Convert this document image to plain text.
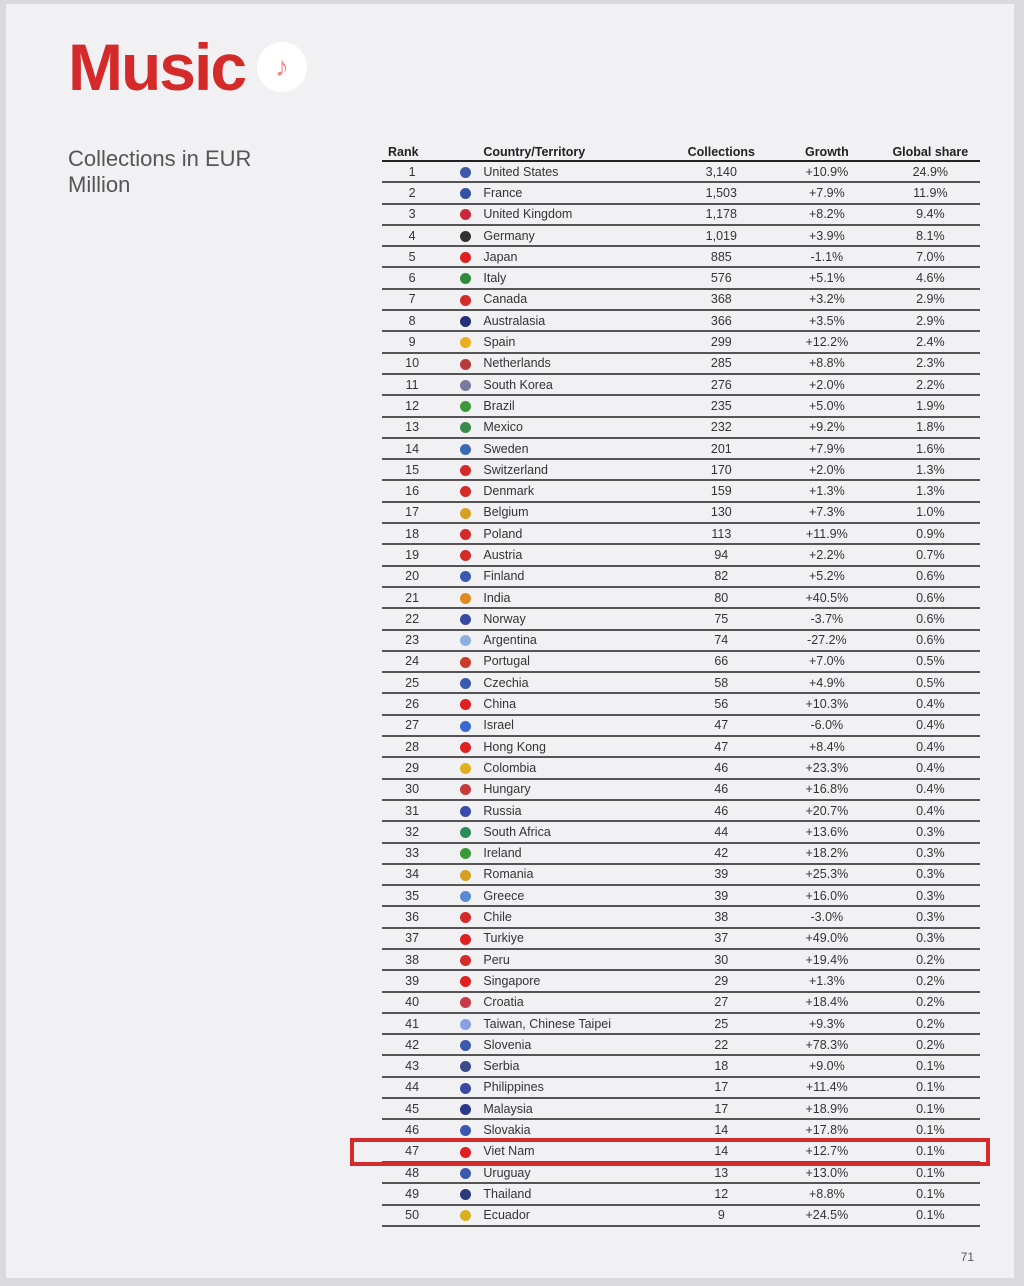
Music	♪
Collections in EUR Million
Rank		Country/Territory	Collections	Growth	Global share
1		United States	3,140	+10.9%	24.9%
2		France	1,503	+7.9%	11.9%
3		United Kingdom	1,178	+8.2%	9.4%
4		Germany	1,019	+3.9%	8.1%
5		Japan	885	-1.1%	7.0%
6		Italy	576	+5.1%	4.6%
7		Canada	368	+3.2%	2.9%
8		Australasia	366	+3.5%	2.9%
9		Spain	299	+12.2%	2.4%
10		Netherlands	285	+8.8%	2.3%
11		South Korea	276	+2.0%	2.2%
12		Brazil	235	+5.0%	1.9%
13		Mexico	232	+9.2%	1.8%
14		Sweden	201	+7.9%	1.6%
15		Switzerland	170	+2.0%	1.3%
16		Denmark	159	+1.3%	1.3%
17		Belgium	130	+7.3%	1.0%
18		Poland	113	+11.9%	0.9%
19		Austria	94	+2.2%	0.7%
20		Finland	82	+5.2%	0.6%
21		India	80	+40.5%	0.6%
22		Norway	75	-3.7%	0.6%
23		Argentina	74	-27.2%	0.6%
24		Portugal	66	+7.0%	0.5%
25		Czechia	58	+4.9%	0.5%
26		China	56	+10.3%	0.4%
27		Israel	47	-6.0%	0.4%
28		Hong Kong	47	+8.4%	0.4%
29		Colombia	46	+23.3%	0.4%
30		Hungary	46	+16.8%	0.4%
31		Russia	46	+20.7%	0.4%
32		South Africa	44	+13.6%	0.3%
33		Ireland	42	+18.2%	0.3%
34		Romania	39	+25.3%	0.3%
35		Greece	39	+16.0%	0.3%
36		Chile	38	-3.0%	0.3%
37		Turkiye	37	+49.0%	0.3%
38		Peru	30	+19.4%	0.2%
39		Singapore	29	+1.3%	0.2%
40		Croatia	27	+18.4%	0.2%
41		Taiwan, Chinese Taipei	25	+9.3%	0.2%
42		Slovenia	22	+78.3%	0.2%
43		Serbia	18	+9.0%	0.1%
44		Philippines	17	+11.4%	0.1%
45		Malaysia	17	+18.9%	0.1%
46		Slovakia	14	+17.8%	0.1%
47		Viet Nam	14	+12.7%	0.1%
48		Uruguay	13	+13.0%	0.1%
49		Thailand	12	+8.8%	0.1%
50		Ecuador	9	+24.5%	0.1%
71
